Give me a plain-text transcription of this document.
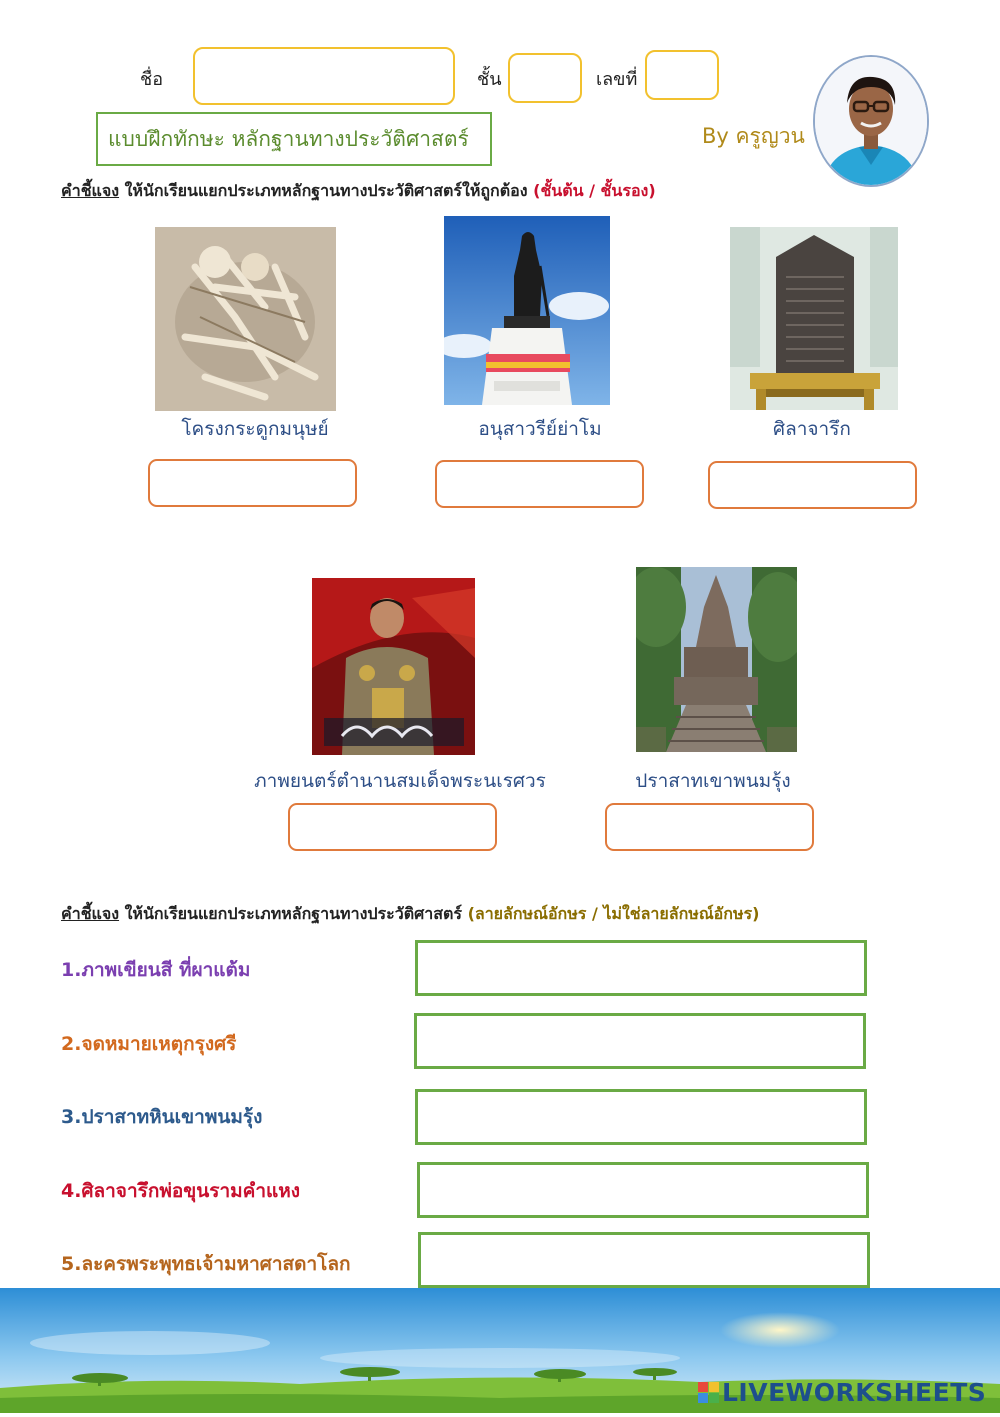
ชื่อ	ชั้น	เลขที่
แบบฝึกทักษะ หลักฐานทางประวัติศาสตร์	By ครูญวน
คำชี้แจง ให้นักเรียนแยกประเภทหลักฐานทางประวัติศาสตร์ให้ถูกต้อง (ชั้นต้น / ชั้นรอง)
โครงกระดูกมนุษย์	อนุสาวรีย์ย่าโม	ศิลาจารึก
ภาพยนตร์ตำนานสมเด็จพระนเรศวร	ปราสาทเขาพนมรุ้ง
คำชี้แจง ให้นักเรียนแยกประเภทหลักฐานทางประวัติศาสตร์ (ลายลักษณ์อักษร / ไม่ใช่ลายลักษณ์อักษร)
1.ภาพเขียนสี ที่ผาแต้ม
2.จดหมายเหตุกรุงศรี
3.ปราสาทหินเขาพนมรุ้ง
4.ศิลาจารึกพ่อขุนรามคำแหง
5.ละครพระพุทธเจ้ามหาศาสดาโลก
LIVEWORKSHEETS
